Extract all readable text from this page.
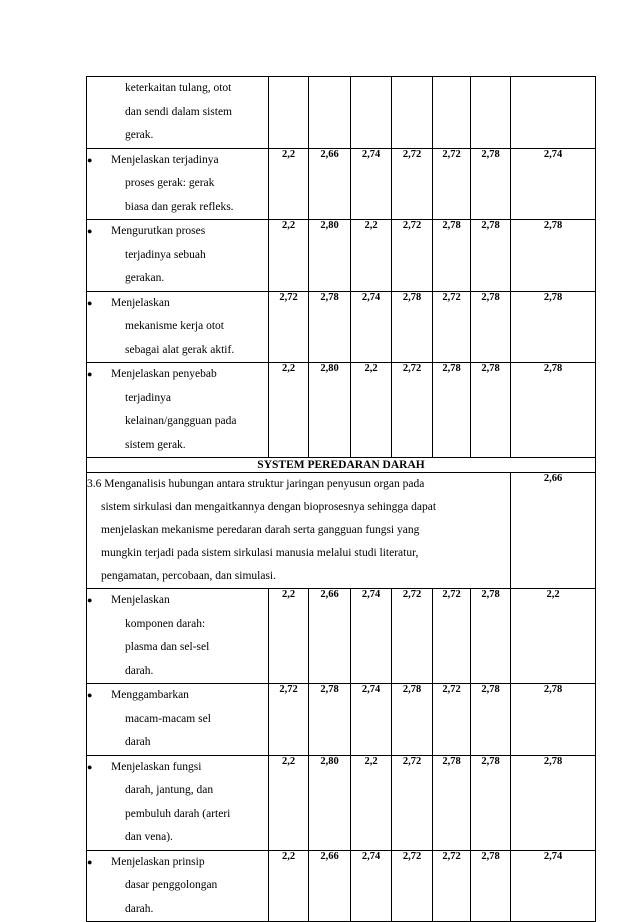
keterkaitan tulang, otot
dan sendi dalam sistem
gerak.							

● Menjelaskan terjadinya
proses gerak: gerak
biasa dan gerak refleks.	2,2	2,66	2,74	2,72	2,72	2,78	2,74

● Mengurutkan proses
terjadinya sebuah
gerakan.	2,2	2,80	2,2	2,72	2,78	2,78	2,78

● Menjelaskan
mekanisme kerja otot
sebagai alat gerak aktif.	2,72	2,78	2,74	2,78	2,72	2,78	2,78

● Menjelaskan penyebab
terjadinya
kelainan/gangguan pada
sistem gerak.	2,2	2,80	2,2	2,72	2,78	2,78	2,78
SYSTEM PEREDARAN DARAH							

3.6 Menganalisis hubungan antara struktur jaringan penyusun organ pada
sistem sirkulasi dan mengaitkannya dengan bioprosesnya sehingga dapat
menjelaskan mekanisme peredaran darah serta gangguan fungsi yang
mungkin terjadi pada sistem sirkulasi manusia melalui studi literatur,
pengamatan, percobaan, dan simulasi.							2,66

● Menjelaskan
komponen darah:
plasma dan sel-sel
darah.	2,2	2,66	2,74	2,72	2,72	2,78	2,2

● Menggambarkan
macam-macam sel
darah	2,72	2,78	2,74	2,78	2,72	2,78	2,78

● Menjelaskan fungsi
darah, jantung, dan
pembuluh darah (arteri
dan vena).	2,2	2,80	2,2	2,72	2,78	2,78	2,78

● Menjelaskan prinsip
dasar penggolongan
darah.	2,2	2,66	2,74	2,72	2,72	2,78	2,74
